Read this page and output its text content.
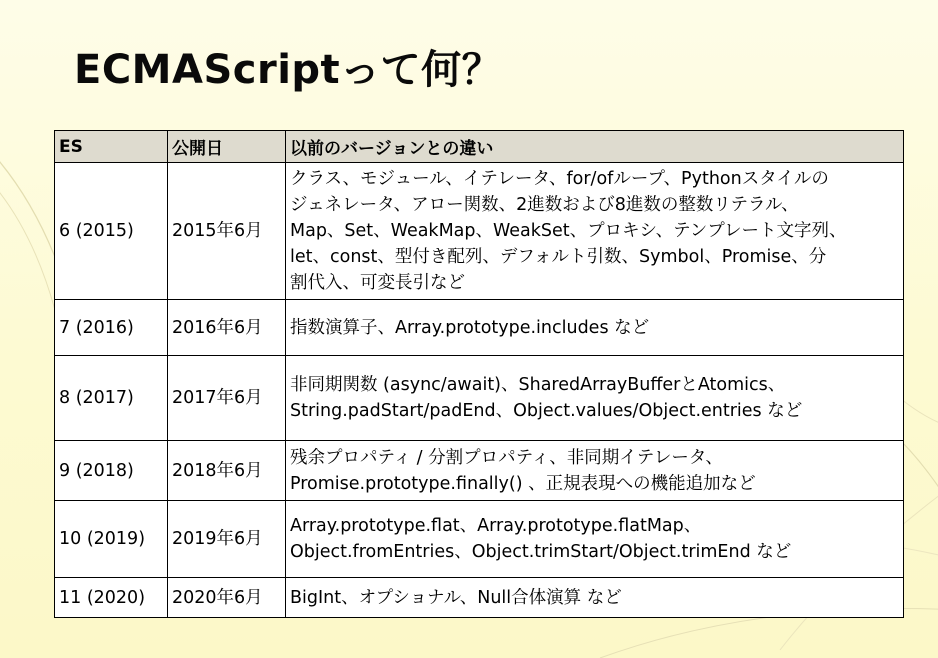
ECMAScriptって何？
ES	公開日	以前のバージョンとの違い
6 (2015)	2015年6月	クラス、モジュール、イテレータ、for/ofループ、Pythonスタイルの
ジェネレータ、アロー関数、2進数および8進数の整数リテラル、
Map、Set、WeakMap、WeakSet、プロキシ、テンプレート文字列、
let、const、型付き配列、デフォルト引数、Symbol、Promise、分
割代入、可変長引など
7 (2016)	2016年6月	指数演算子、Array.prototype.includes など
8 (2017)	2017年6月	非同期関数 (async/await)、SharedArrayBufferとAtomics、
String.padStart/padEnd、Object.values/Object.entries など
9 (2018)	2018年6月	残余プロパティ / 分割プロパティ、非同期イテレータ、
Promise.prototype.finally() 、正規表現への機能追加など
10 (2019)	2019年6月	Array.prototype.flat、Array.prototype.flatMap、
Object.fromEntries、Object.trimStart/Object.trimEnd など
11 (2020)	2020年6月	BigInt、オプショナル、Null合体演算 など
